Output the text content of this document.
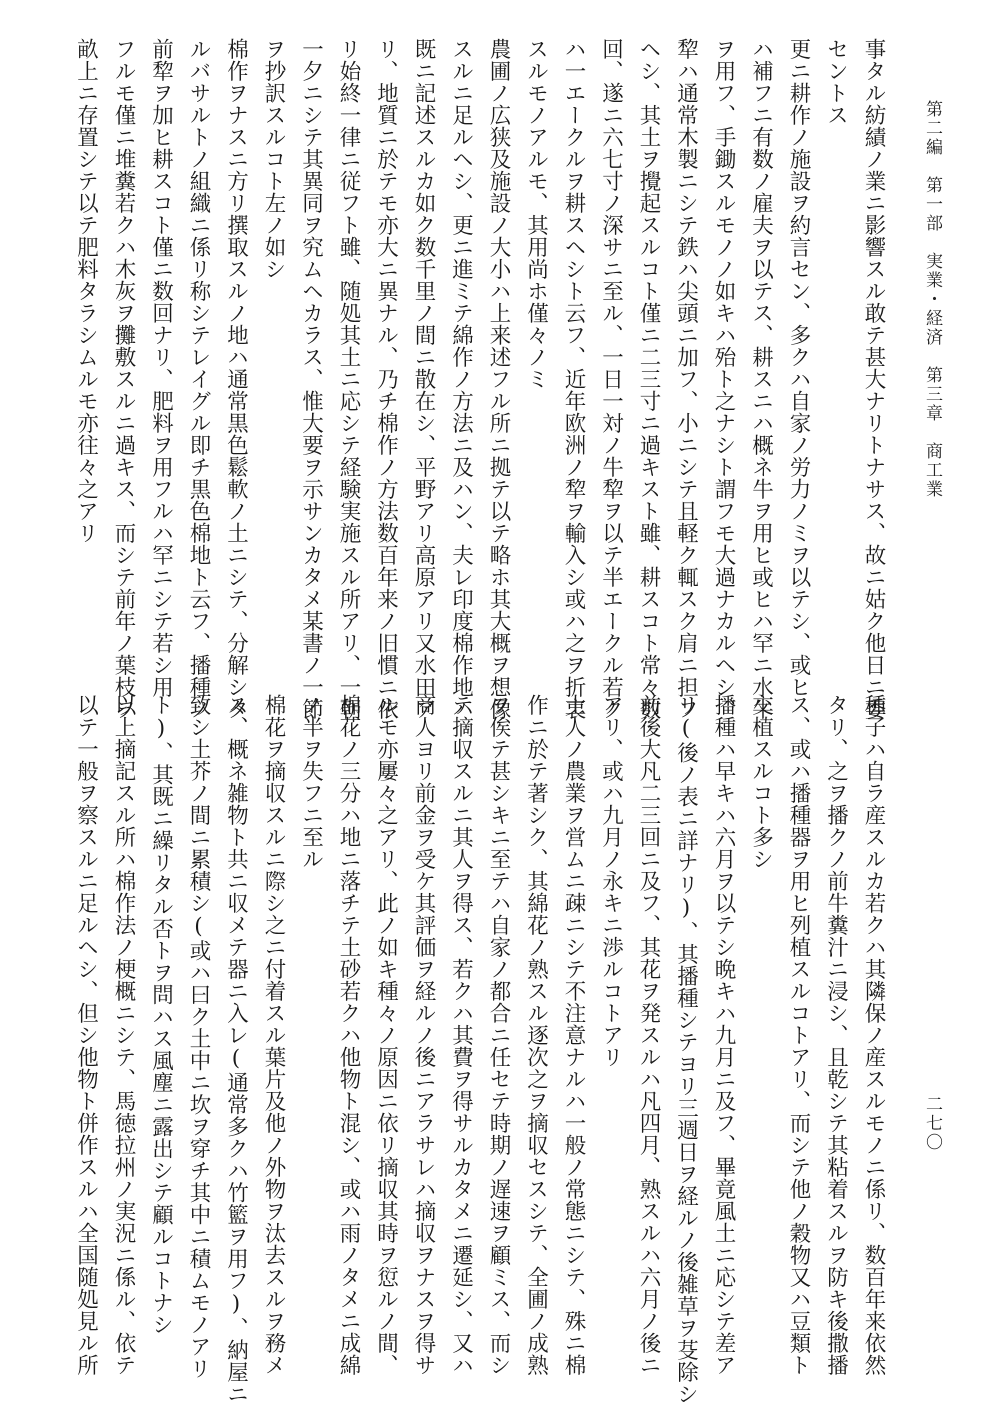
第二編　第一部　実業・経済　第三章　商工業
二七〇

事タル紡績ノ業ニ影響スル敢テ甚大ナリトナサス、故ニ姑ク他日ニ委

セントス

更ニ耕作ノ施設ヲ約言セン、多クハ自家ノ労力ノミヲ以テシ、或ヒ

ハ補フニ有数ノ雇夫ヲ以テス、耕スニハ概ネ牛ヲ用ヒ或ヒハ罕ニ水牛

ヲ用フ、手鋤スルモノノ如キハ殆ト之ナシト謂フモ大過ナカルヘシ、

犂ハ通常木製ニシテ鉄ハ尖頭ニ加フ、小ニシテ且軽ク輒スク肩ニ担フ

ヘシ、其土ヲ攪起スルコト僅ニ二三寸ニ過キスト雖、耕スコト常々数

回、遂ニ六七寸ノ深サニ至ル、一日一対ノ牛犂ヲ以テ半エークル若ク

ハ一エークルヲ耕スヘシト云フ、近年欧洲ノ犂ヲ輸入シ或ハ之ヲ折衷

スルモノアルモ、其用尚ホ僅々ノミ

農圃ノ広狭及施設ノ大小ハ上来述フル所ニ拠テ以テ略ホ其大概ヲ想像

スルニ足ルヘシ、更ニ進ミテ綿作ノ方法ニ及ハン、夫レ印度棉作地ハ

既ニ記述スルカ如ク数千里ノ間ニ散在シ、平野アリ高原アリ又水田ア

リ、地質ニ於テモ亦大ニ異ナル、乃チ棉作ノ方法数百年来ノ旧慣ニ依

リ始終一律ニ従フト雖、随処其土ニ応シテ経験実施スル所アリ、一朝

一夕ニシテ其異同ヲ究ムヘカラス、惟大要ヲ示サンカタメ某書ノ一節

ヲ抄訳スルコト左ノ如シ

棉作ヲナスニ方リ撰取スルノ地ハ通常黒色鬆軟ノ土ニシテ、分解シタ

ルバサルトノ組織ニ係リ称シテレイグル即チ黒色棉地ト云フ、播種ノ

前犂ヲ加ヒ耕スコト僅ニ数回ナリ、肥料ヲ用フルハ罕ニシテ若シ用

フルモ僅ニ堆糞若クハ木灰ヲ攤敷スルニ過キス、而シテ前年ノ葉枝ヲ

畝上ニ存置シテ以テ肥料タラシムルモ亦往々之アリ

種子ハ自ラ産スルカ若クハ其隣保ノ産スルモノニ係リ、数百年来依然

タリ、之ヲ播クノ前牛糞汁ニ浸シ、且乾シテ其粘着スルヲ防キ後撒播

ス、或ハ播種器ヲ用ヒ列植スルコトアリ、而シテ他ノ穀物又ハ豆類ト

交植スルコト多シ

播種ハ早キハ六月ヲ以テシ晩キハ九月ニ及フ、畢竟風土ニ応シテ差ア

リ(後ノ表ニ詳ナリ)、其播種シテヨリ三週日ヲ経ルノ後雑草ヲ芟除シ

前後大凡二三回ニ及フ、其花ヲ発スルハ凡四月、熟スルハ六月ノ後ニ

アリ、或ハ九月ノ永キニ渉ルコトアリ

土人ノ農業ヲ営ムニ疎ニシテ不注意ナルハ一般ノ常態ニシテ、殊ニ棉

作ニ於テ著シク、其綿花ノ熟スル逐次之ヲ摘収セスシテ、全圃ノ成熟

ヲ俟テ甚シキニ至テハ自家ノ都合ニ任セテ時期ノ遅速ヲ顧ミス、而シ

テ摘収スルニ其人ヲ得ス、若クハ其費ヲ得サルカタメニ遷延シ、又ハ

商人ヨリ前金ヲ受ケ其評価ヲ経ルノ後ニアラサレハ摘収ヲナスヲ得サ

ルモ亦屢々之アリ、此ノ如キ種々ノ原因ニ依リ摘収其時ヲ愆ルノ間、

棉花ノ三分ハ地ニ落チテ土砂若クハ他物ト混シ、或ハ雨ノタメニ成綿

ノ半ヲ失フニ至ル

棉花ヲ摘収スルニ際シ之ニ付着スル葉片及他ノ外物ヲ汰去スルヲ務メ

ス、概ネ雑物ト共ニ収メテ器ニ入レ(通常多クハ竹籃ヲ用フ)、納屋ニ

致シ土芥ノ間ニ累積シ(或ハ曰ク土中ニ坎ヲ穿チ其中ニ積ムモノアリ

ト)、其既ニ繰リタル否トヲ問ハス風塵ニ露出シテ顧ルコトナシ

以上摘記スル所ハ棉作法ノ梗概ニシテ、馬徳拉州ノ実況ニ係ル、依テ

以テ一般ヲ察スルニ足ルヘシ、但シ他物ト併作スルハ全国随処見ル所
